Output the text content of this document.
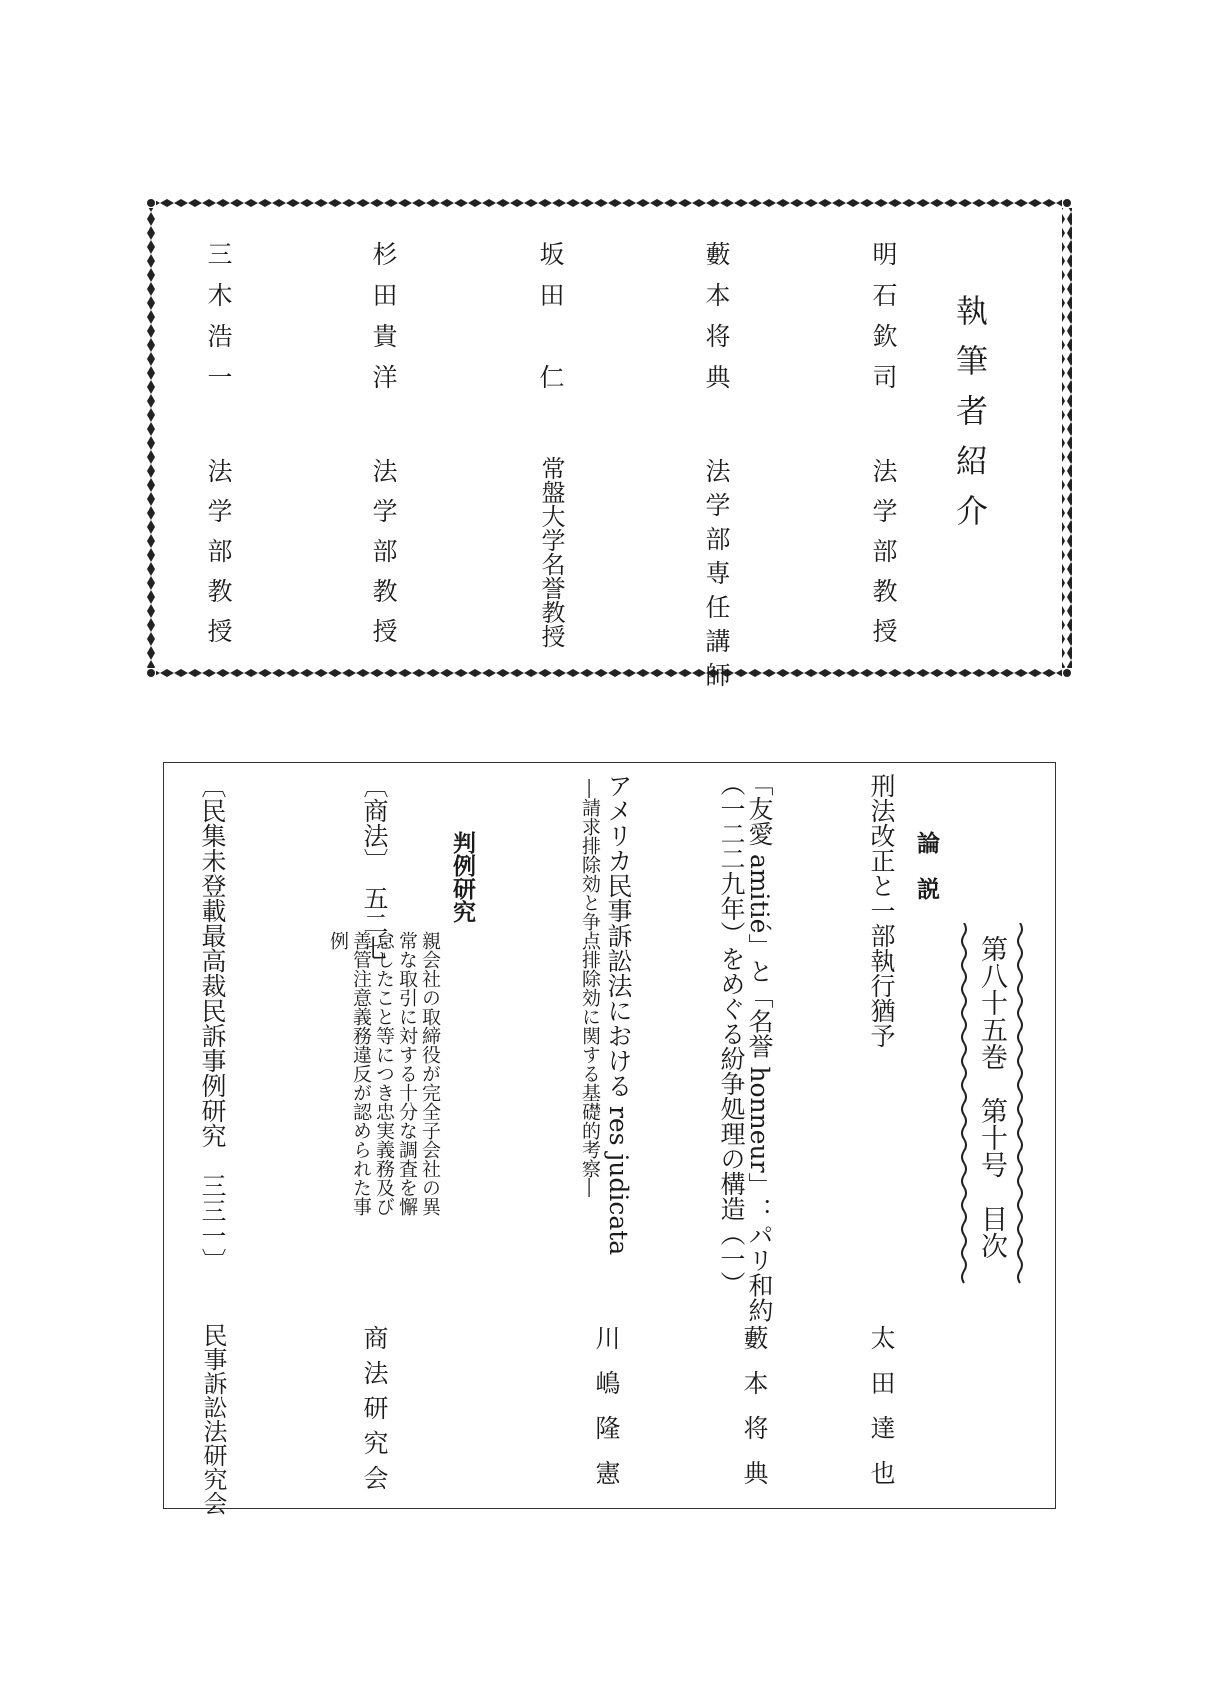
執筆者紹介
明石欽司
法学部教授
藪本将典
法学部専任講師
坂田　仁
常盤大学名誉教授
杉田貴洋
法学部教授
三木浩一
法学部教授
第八十五巻　第十号　目次
論　説
刑法改正と一部執行猶予
太田達也
「友愛 amitié」と「名誉 honneur」：パリ和約
（一二二九年）をめぐる紛争処理の構造（一）
藪本将典
アメリカ民事訴訟法における res judicata
―請求排除効と争点排除効に関する基礎的考察―
川嶋隆憲
判例研究
〔商法〕　五二七
親会社の取締役が完全子会社の異
常な取引に対する十分な調査を懈
怠したこと等につき忠実義務及び
善管注意義務違反が認められた事
例
商法研究会
〔民集未登載最高裁民訴事例研究　三三一〕
民事訴訟法研究会
